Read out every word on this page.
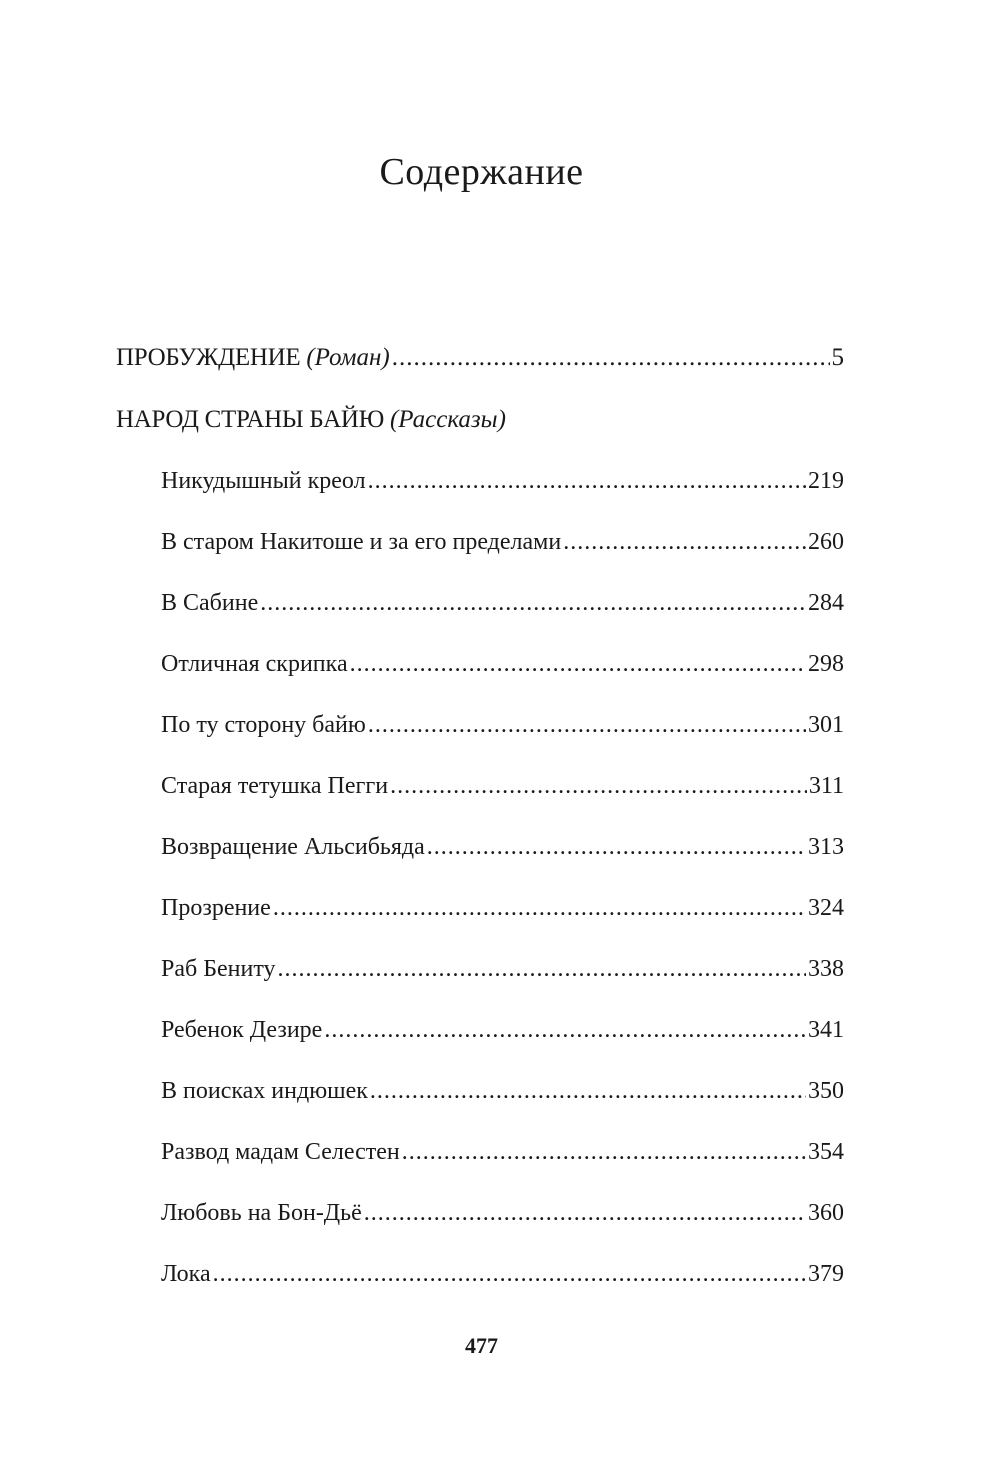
Содержание
ПРОБУЖДЕНИЕ (Роман) .....	5
НАРОД СТРАНЫ БАЙЮ (Рассказы)
Никудышный креол .....	219
В старом Накитоше и за его пределами .....	260
В Сабине .....	284
Отличная скрипка .....	298
По ту сторону байю .....	301
Старая тетушка Пегги .....	311
Возвращение Альсибьяда .....	313
Прозрение .....	324
Раб Бениту .....	338
Ребенок Дезире .....	341
В поисках индюшек .....	350
Развод мадам Селестен .....	354
Любовь на Бон-Дьё .....	360
Лока .....	379
477
